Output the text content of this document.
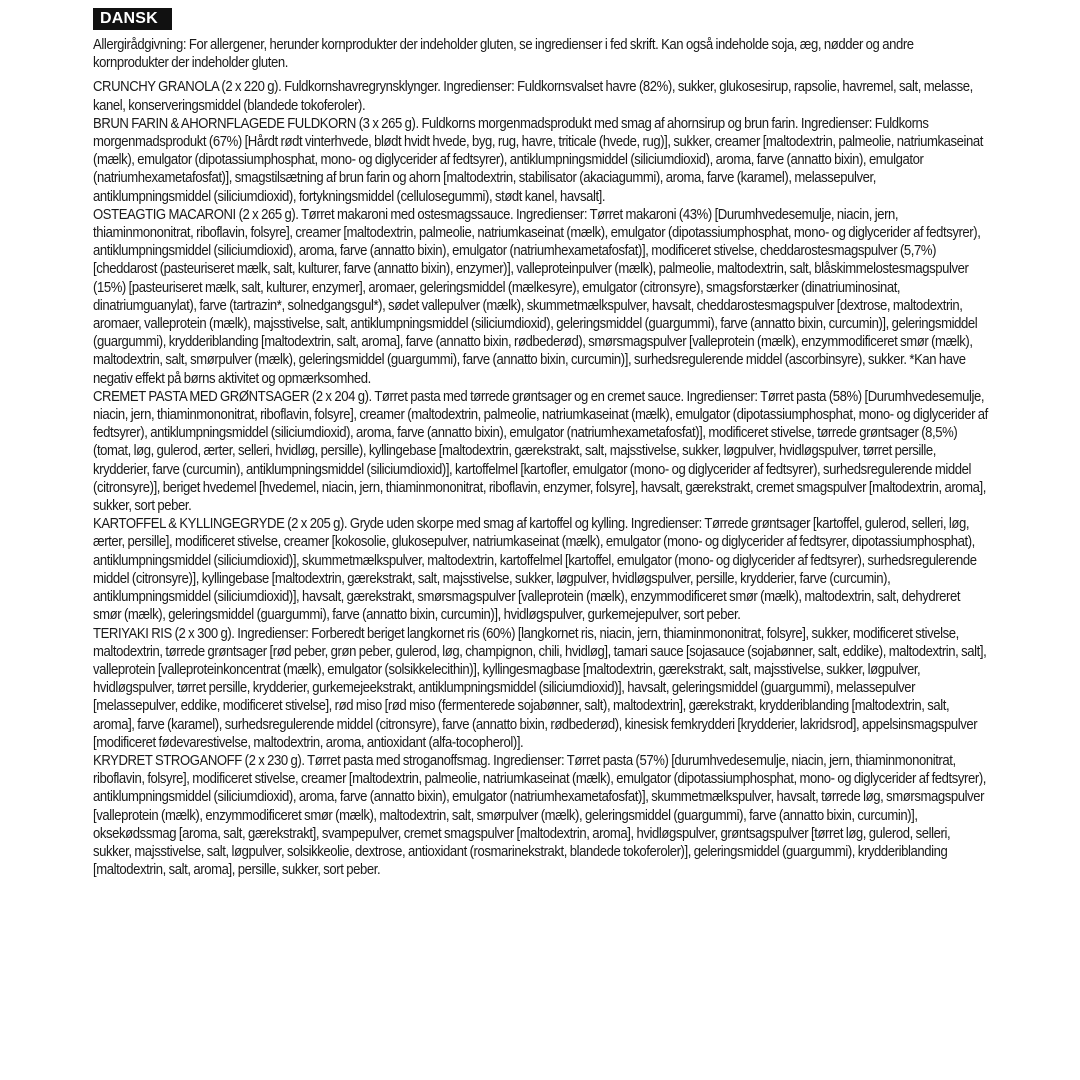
DANSK

Allergirådgivning: For allergener, herunder kornprodukter der indeholder gluten, se ingredienser i fed skrift. Kan også indeholde soja, æg, nødder og andre kornprodukter der indeholder gluten.

CRUNCHY GRANOLA (2 x 220 g). Fuldkornshavregrynsklynger. Ingredienser: Fuldkornsvalset havre (82%), sukker, glukosesirup, rapsolie, havremel, salt, melasse, kanel, konserveringsmiddel (blandede tokoferoler).

BRUN FARIN & AHORNFLAGEDE FULDKORN (3 x 265 g). Fuldkorns morgenmadsprodukt med smag af ahornsirup og brun farin. Ingredienser: Fuldkorns morgenmadsprodukt (67%) [Hårdt rødt vinterhvede, blødt hvidt hvede, byg, rug, havre, triticale (hvede, rug)], sukker, creamer [maltodextrin, palmeolie, natriumkaseinat (mælk), emulgator (dipotassiumphosphat, mono- og diglycerider af fedtsyrer), antiklumpningsmiddel (siliciumdioxid), aroma, farve (annatto bixin), emulgator (natriumhexametafosfat)], smagstilsætning af brun farin og ahorn [maltodextrin, stabilisator (akaciagummi), aroma, farve (karamel), melassepulver, antiklumpningsmiddel (siliciumdioxid), fortykningsmiddel (cellulosegummi), stødt kanel, havsalt].

OSTEAGTIG MACARONI (2 x 265 g). Tørret makaroni med ostesmagssauce. Ingredienser: Tørret makaroni (43%) [Durumhvedesemulje, niacin, jern, thiaminmononitrat, riboflavin, folsyre], creamer [maltodextrin, palmeolie, natriumkaseinat (mælk), emulgator (dipotassiumphosphat, mono- og diglycerider af fedtsyrer), antiklumpningsmiddel (siliciumdioxid), aroma, farve (annatto bixin), emulgator (natriumhexametafosfat)], modificeret stivelse, cheddarostesmagspulver (5,7%) [cheddarost (pasteuriseret mælk, salt, kulturer, farve (annatto bixin), enzymer)], valleproteinpulver (mælk), palmeolie, maltodextrin, salt, blåskimmelostesmagspulver (15%) [pasteuriseret mælk, salt, kulturer, enzymer], aromaer, geleringsmiddel (mælkesyre), emulgator (citronsyre), smagsforstærker (dinatriuminosinat, dinatriumguanylat), farve (tartrazin*, solnedgangsgul*), sødet vallepulver (mælk), skummetmælkspulver, havsalt, cheddarostesmagspulver [dextrose, maltodextrin, aromaer, valleprotein (mælk), majsstivelse, salt, antiklumpningsmiddel (siliciumdioxid), geleringsmiddel (guargummi), farve (annatto bixin, curcumin)], geleringsmiddel (guargummi), krydderiblanding [maltodextrin, salt, aroma], farve (annatto bixin, rødbederød), smørsmagspulver [valleprotein (mælk), enzymmodificeret smør (mælk), maltodextrin, salt, smørpulver (mælk), geleringsmiddel (guargummi), farve (annatto bixin, curcumin)], surhedsregulerende middel (ascorbinsyre), sukker. *Kan have negativ effekt på børns aktivitet og opmærksomhed.

CREMET PASTA MED GRØNTSAGER (2 x 204 g). Tørret pasta med tørrede grøntsager og en cremet sauce. Ingredienser: Tørret pasta (58%) [Durumhvedesemulje, niacin, jern, thiaminmononitrat, riboflavin, folsyre], creamer (maltodextrin, palmeolie, natriumkaseinat (mælk), emulgator (dipotassiumphosphat, mono- og diglycerider af fedtsyrer), antiklumpningsmiddel (siliciumdioxid), aroma, farve (annatto bixin), emulgator (natriumhexametafosfat)], modificeret stivelse, tørrede grøntsager (8,5%) (tomat, løg, gulerod, ærter, selleri, hvidløg, persille), kyllingebase [maltodextrin, gærekstrakt, salt, majsstivelse, sukker, løgpulver, hvidløgspulver, tørret persille, krydderier, farve (curcumin), antiklumpningsmiddel (siliciumdioxid)], kartoffelmel [kartofler, emulgator (mono- og diglycerider af fedtsyrer), surhedsregulerende middel (citronsyre)], beriget hvedemel [hvedemel, niacin, jern, thiaminmononitrat, riboflavin, enzymer, folsyre], havsalt, gærekstrakt, cremet smagspulver [maltodextrin, aroma], sukker, sort peber.

KARTOFFEL & KYLLINGEGRYDE (2 x 205 g). Gryde uden skorpe med smag af kartoffel og kylling. Ingredienser: Tørrede grøntsager [kartoffel, gulerod, selleri, løg, ærter, persille], modificeret stivelse, creamer [kokosolie, glukosepulver, natriumkaseinat (mælk), emulgator (mono- og diglycerider af fedtsyrer, dipotassiumphosphat), antiklumpningsmiddel (siliciumdioxid)], skummetmælkspulver, maltodextrin, kartoffelmel [kartoffel, emulgator (mono- og diglycerider af fedtsyrer), surhedsregulerende middel (citronsyre)], kyllingebase [maltodextrin, gærekstrakt, salt, majsstivelse, sukker, løgpulver, hvidløgspulver, persille, krydderier, farve (curcumin), antiklumpningsmiddel (siliciumdioxid)], havsalt, gærekstrakt, smørsmagspulver [valleprotein (mælk), enzymmodificeret smør (mælk), maltodextrin, salt, dehydreret smør (mælk), geleringsmiddel (guargummi), farve (annatto bixin, curcumin)], hvidløgspulver, gurkemejepulver, sort peber.

TERIYAKI RIS (2 x 300 g). Ingredienser: Forberedt beriget langkornet ris (60%) [langkornet ris, niacin, jern, thiaminmononitrat, folsyre], sukker, modificeret stivelse, maltodextrin, tørrede grøntsager [rød peber, grøn peber, gulerod, løg, champignon, chili, hvidløg], tamari sauce [sojasauce (sojabønner, salt, eddike), maltodextrin, salt], valleprotein [valleproteinkoncentrat (mælk), emulgator (solsikkelecithin)], kyllingesmagbase [maltodextrin, gærekstrakt, salt, majsstivelse, sukker, løgpulver, hvidløgspulver, tørret persille, krydderier, gurkemejeekstrakt, antiklumpningsmiddel (siliciumdioxid)], havsalt, geleringsmiddel (guargummi), melassepulver [melassepulver, eddike, modificeret stivelse], rød miso [rød miso (fermenterede sojabønner, salt), maltodextrin], gærekstrakt, krydderiblanding [maltodextrin, salt, aroma], farve (karamel), surhedsregulerende middel (citronsyre), farve (annatto bixin, rødbederød), kinesisk femkrydderi [krydderier, lakridsrod], appelsinsmagspulver [modificeret fødevarestivelse, maltodextrin, aroma, antioxidant (alfa-tocopherol)].

KRYDRET STROGANOFF (2 x 230 g). Tørret pasta med stroganoffsmag. Ingredienser: Tørret pasta (57%) [durumhvedesemulje, niacin, jern, thiaminmononitrat, riboflavin, folsyre], modificeret stivelse, creamer [maltodextrin, palmeolie, natriumkaseinat (mælk), emulgator (dipotassiumphosphat, mono- og diglycerider af fedtsyrer), antiklumpningsmiddel (siliciumdioxid), aroma, farve (annatto bixin), emulgator (natriumhexametafosfat)], skummetmælkspulver, havsalt, tørrede løg, smørsmagspulver [valleprotein (mælk), enzymmodificeret smør (mælk), maltodextrin, salt, smørpulver (mælk), geleringsmiddel (guargummi), farve (annatto bixin, curcumin)], oksekødssmag [aroma, salt, gærekstrakt], svampepulver, cremet smagspulver [maltodextrin, aroma], hvidløgspulver, grøntsagspulver [tørret løg, gulerod, selleri, sukker, majsstivelse, salt, løgpulver, solsikkeolie, dextrose, antioxidant (rosmarinekstrakt, blandede tokoferoler)], geleringsmiddel (guargummi), krydderiblanding [maltodextrin, salt, aroma], persille, sukker, sort peber.
